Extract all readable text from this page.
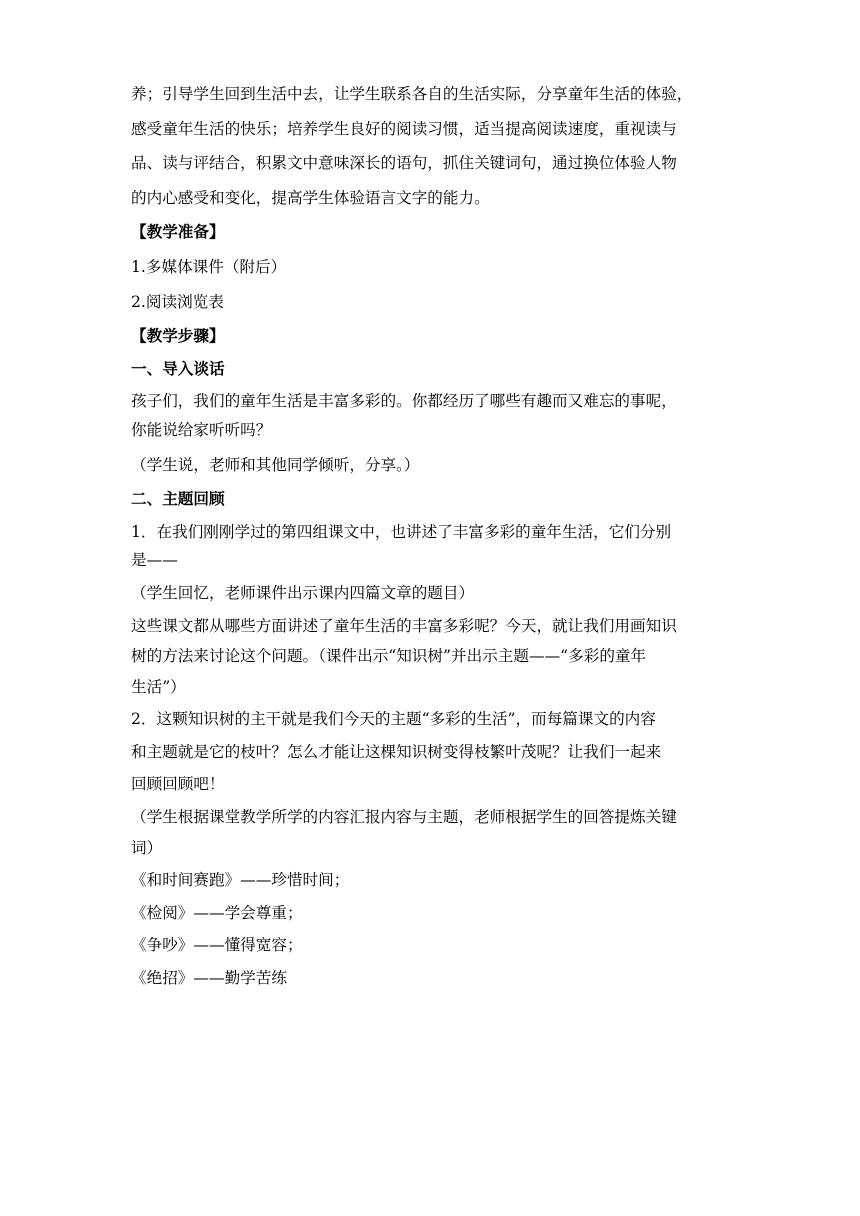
养；引导学生回到生活中去，让学生联系各自的生活实际，分享童年生活的体验，
感受童年生活的快乐；培养学生良好的阅读习惯，适当提高阅读速度，重视读与
品、读与评结合，积累文中意味深长的语句，抓住关键词句，通过换位体验人物
的内心感受和变化，提高学生体验语言文字的能力。
【教学准备】
1.多媒体课件（附后）
2.阅读浏览表
【教学步骤】
一、导入谈话
孩子们，我们的童年生活是丰富多彩的。你都经历了哪些有趣而又难忘的事呢，
你能说给家听听吗？
（学生说，老师和其他同学倾听，分享。）
二、主题回顾
1．在我们刚刚学过的第四组课文中，也讲述了丰富多彩的童年生活，它们分别
是——
（学生回忆，老师课件出示课内四篇文章的题目）
这些课文都从哪些方面讲述了童年生活的丰富多彩呢？今天，就让我们用画知识
树的方法来讨论这个问题。（课件出示“知识树”并出示主题——“多彩的童年
生活”）
2．这颗知识树的主干就是我们今天的主题“多彩的生活”，而每篇课文的内容
和主题就是它的枝叶？怎么才能让这棵知识树变得枝繁叶茂呢？让我们一起来
回顾回顾吧！
（学生根据课堂教学所学的内容汇报内容与主题，老师根据学生的回答提炼关键
词）
《和时间赛跑》——珍惜时间；
《检阅》——学会尊重；
《争吵》——懂得宽容；
《绝招》——勤学苦练
